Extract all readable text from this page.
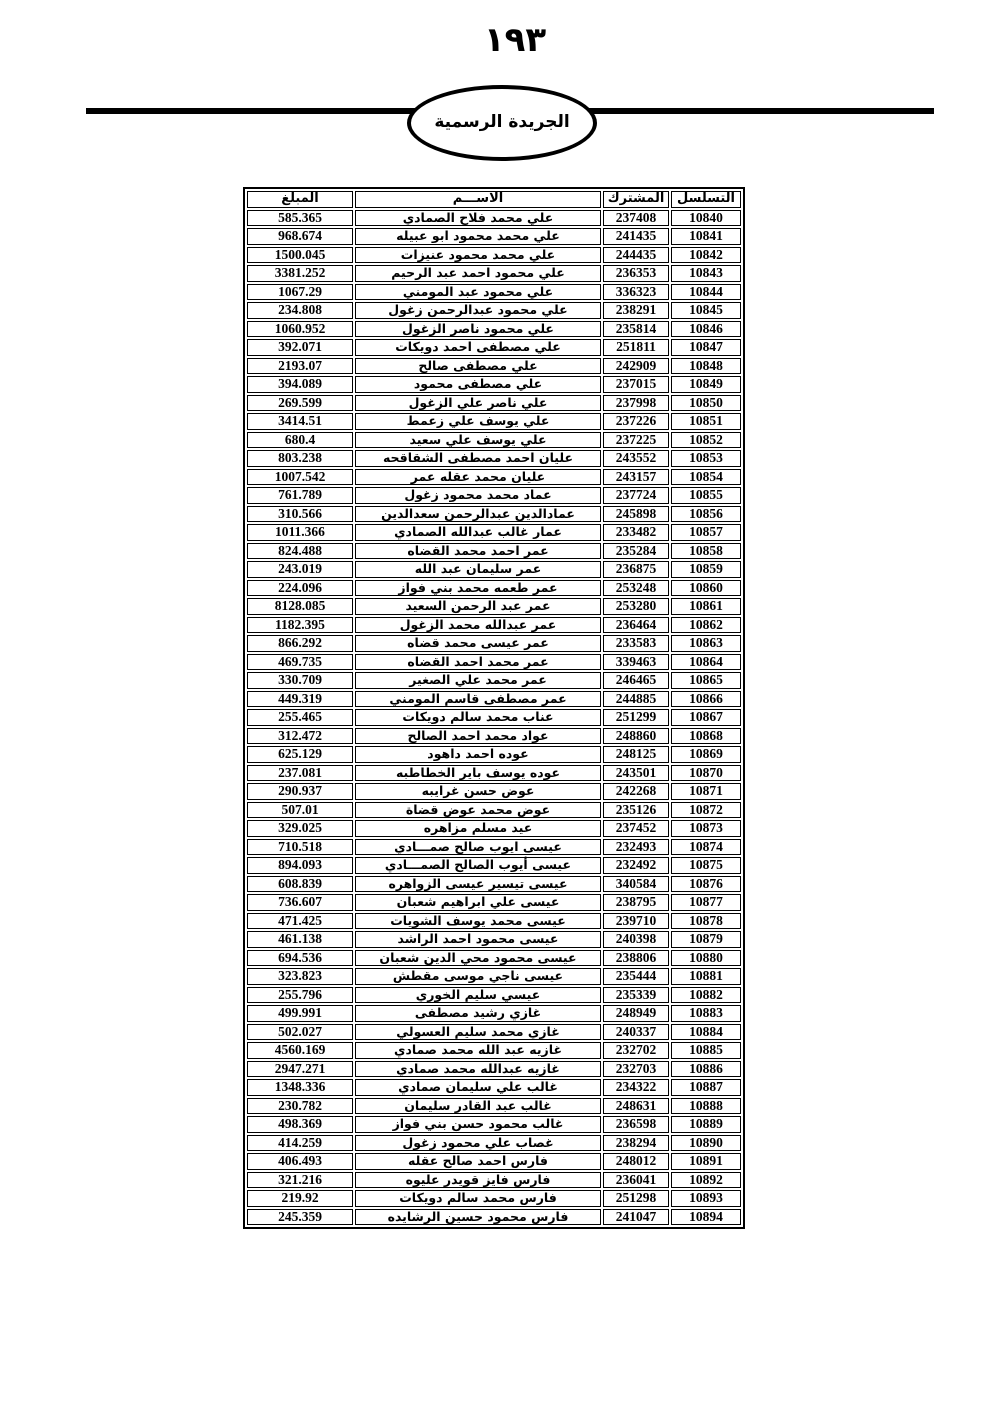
١٩٣
الجريدة الرسمية
التسلسل	المشترك	الاســـم	المبلغ
10840	237408	علي محمد فلاح الصمادي	585.365
10841	241435	علي محمد محمود ابو عبيله	968.674
10842	244435	علي محمد محمود عنيزات	1500.045
10843	236353	علي محمود احمد عبد الرحيم	3381.252
10844	336323	علي محمود عبد المومني	1067.29
10845	238291	علي محمود عبدالرحمن زغول	234.808
10846	235814	علي محمود ناصر الزغول	1060.952
10847	251811	علي مصطفى احمد دويكات	392.071
10848	242909	علي مصطفى صالح	2193.07
10849	237015	علي مصطفى محمود	394.089
10850	237998	علي ناصر علي الزغول	269.599
10851	237226	علي يوسف علي زعمط	3414.51
10852	237225	علي يوسف علي سعيد	680.4
10853	243552	عليان احمد مصطفى الشقاقحه	803.238
10854	243157	عليان محمد عقله عمر	1007.542
10855	237724	عماد محمد محمود زغول	761.789
10856	245898	عمادالدين عبدالرحمن سعدالدين	310.566
10857	233482	عمار غالب عبدالله الصمادي	1011.366
10858	235284	عمر احمد محمد القضاه	824.488
10859	236875	عمر سليمان عبد الله	243.019
10860	253248	عمر طعمه محمد بني فواز	224.096
10861	253280	عمر عبد الرحمن السعيد	8128.085
10862	236464	عمر عبدالله محمد الزغول	1182.395
10863	233583	عمر عيسى محمد قضاه	866.292
10864	339463	عمر محمد احمد القضاه	469.735
10865	246465	عمر محمد علي الصغير	330.709
10866	244885	عمر مصطفى قاسم المومني	449.319
10867	251299	عناب محمد سالم دويكات	255.465
10868	248860	عواد محمد احمد الصالح	312.472
10869	248125	عوده احمد داهود	625.129
10870	243501	عوده يوسف باير الخطاطبه	237.081
10871	242268	عوض حسن غرايبه	290.937
10872	235126	عوض محمد عوض قضاة	507.01
10873	237452	عيد مسلم مزاهره	329.025
10874	232493	عيسى ايوب صالح صمـــادي	710.518
10875	232492	عيسى أيوب الصالح الصمـــادي	894.093
10876	340584	عيسى تيسير عيسى الزواهره	608.839
10877	238795	عيسى علي ابراهيم شعبان	736.607
10878	239710	عيسى محمد يوسف الشويات	471.425
10879	240398	عيسى محمود احمد الراشد	461.138
10880	238806	عيسى محمود محي الدين شعبان	694.536
10881	235444	عيسى ناجي موسى مقطش	323.823
10882	235339	عيسي سليم الخوري	255.796
10883	248949	غازي رشيد مصطفى	499.991
10884	240337	غازي محمد سليم العسولي	502.027
10885	232702	غازيه عبد الله محمد صمادي	4560.169
10886	232703	غازيه عبدالله محمد صمادي	2947.271
10887	234322	غالب علي سليمان صمادي	1348.336
10888	248631	غالب عبد القادر سليمان	230.782
10889	236598	غالب محمود حسن بني فواز	498.369
10890	238294	غصاب علي محمود زغول	414.259
10891	248012	فارس احمد صالح عقله	406.493
10892	236041	فارس فايز قويدر عليوه	321.216
10893	251298	فارس محمد سالم دويكات	219.92
10894	241047	فارس محمود حسين الرشايده	245.359
